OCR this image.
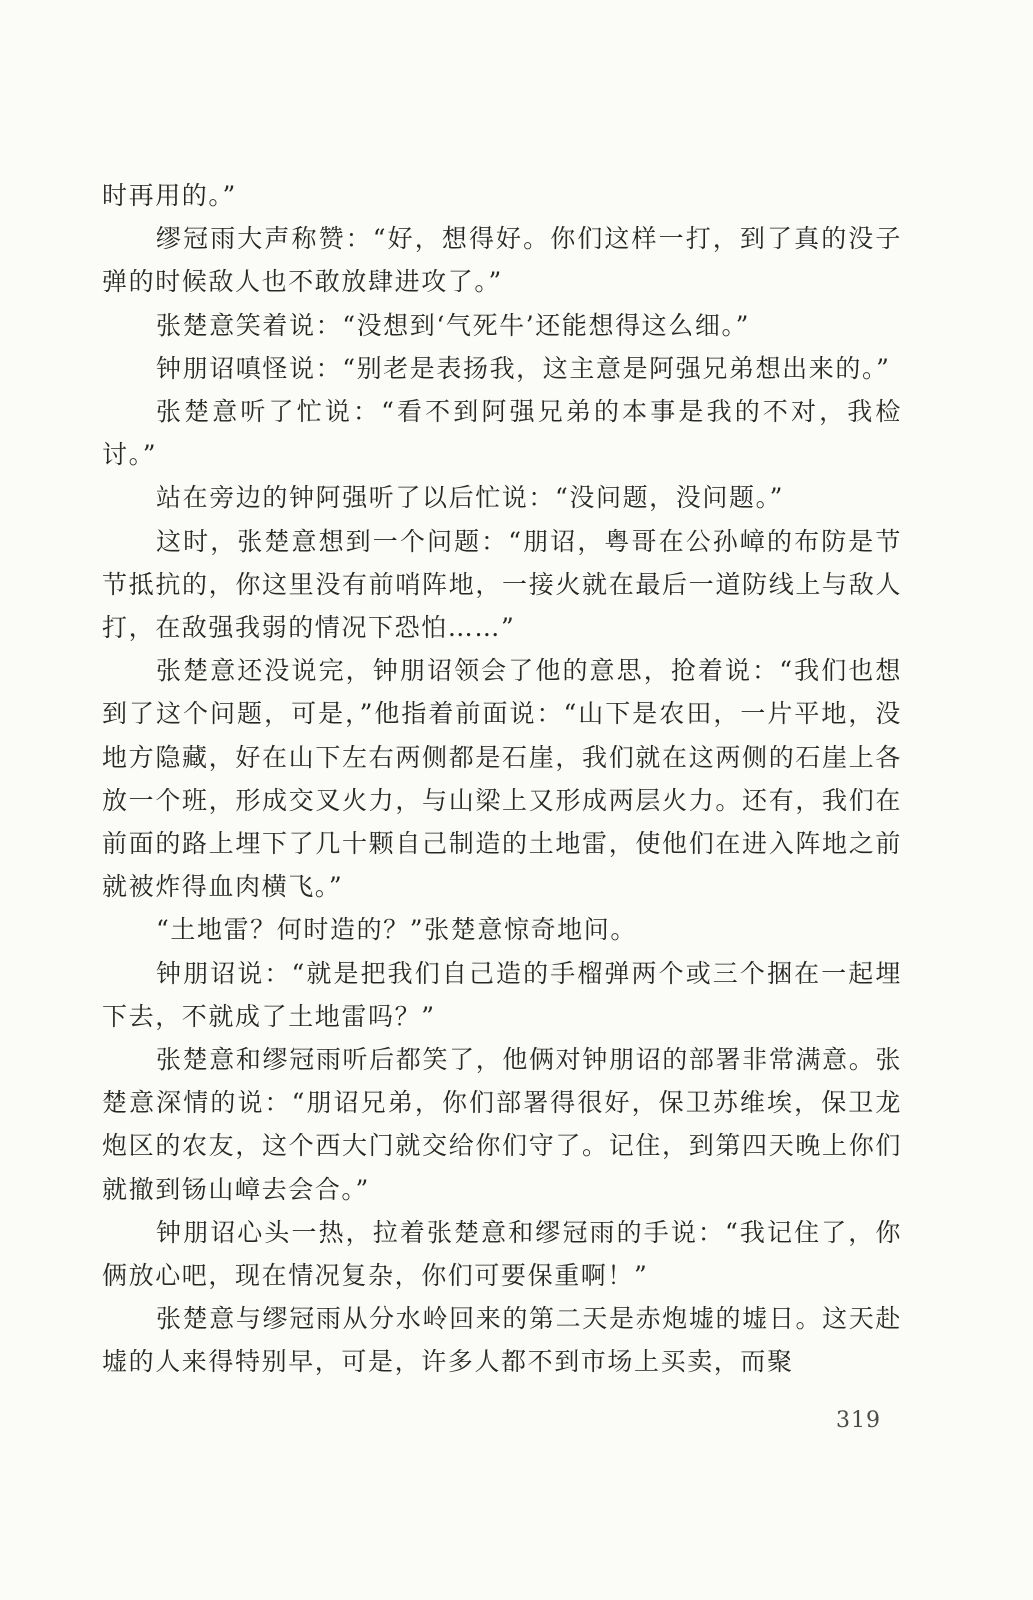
时再用的。”

缪冠雨大声称赞：“好，想得好。你们这样一打，到了真的没子弹的时候敌人也不敢放肆进攻了。”

张楚意笑着说：“没想到‘气死牛’还能想得这么细。”

钟朋诏嗔怪说：“别老是表扬我，这主意是阿强兄弟想出来的。”

张楚意听了忙说：“看不到阿强兄弟的本事是我的不对，我检讨。”

站在旁边的钟阿强听了以后忙说：“没问题，没问题。”

这时，张楚意想到一个问题：“朋诏，粤哥在公孙嶂的布防是节节抵抗的，你这里没有前哨阵地，一接火就在最后一道防线上与敌人打，在敌强我弱的情况下恐怕……”

张楚意还没说完，钟朋诏领会了他的意思，抢着说：“我们也想到了这个问题，可是，”他指着前面说：“山下是农田，一片平地，没地方隐藏，好在山下左右两侧都是石崖，我们就在这两侧的石崖上各放一个班，形成交叉火力，与山梁上又形成两层火力。还有，我们在前面的路上埋下了几十颗自己制造的土地雷，使他们在进入阵地之前就被炸得血肉横飞。”

“土地雷？何时造的？”张楚意惊奇地问。

钟朋诏说：“就是把我们自己造的手榴弹两个或三个捆在一起埋下去，不就成了土地雷吗？”

张楚意和缪冠雨听后都笑了，他俩对钟朋诏的部署非常满意。张楚意深情的说：“朋诏兄弟，你们部署得很好，保卫苏维埃，保卫龙炮区的农友，这个西大门就交给你们守了。记住，到第四天晚上你们就撤到钖山嶂去会合。”

钟朋诏心头一热，拉着张楚意和缪冠雨的手说：“我记住了，你俩放心吧，现在情况复杂，你们可要保重啊！”

张楚意与缪冠雨从分水岭回来的第二天是赤炮墟的墟日。这天赴墟的人来得特别早，可是，许多人都不到市场上买卖，而聚

319
